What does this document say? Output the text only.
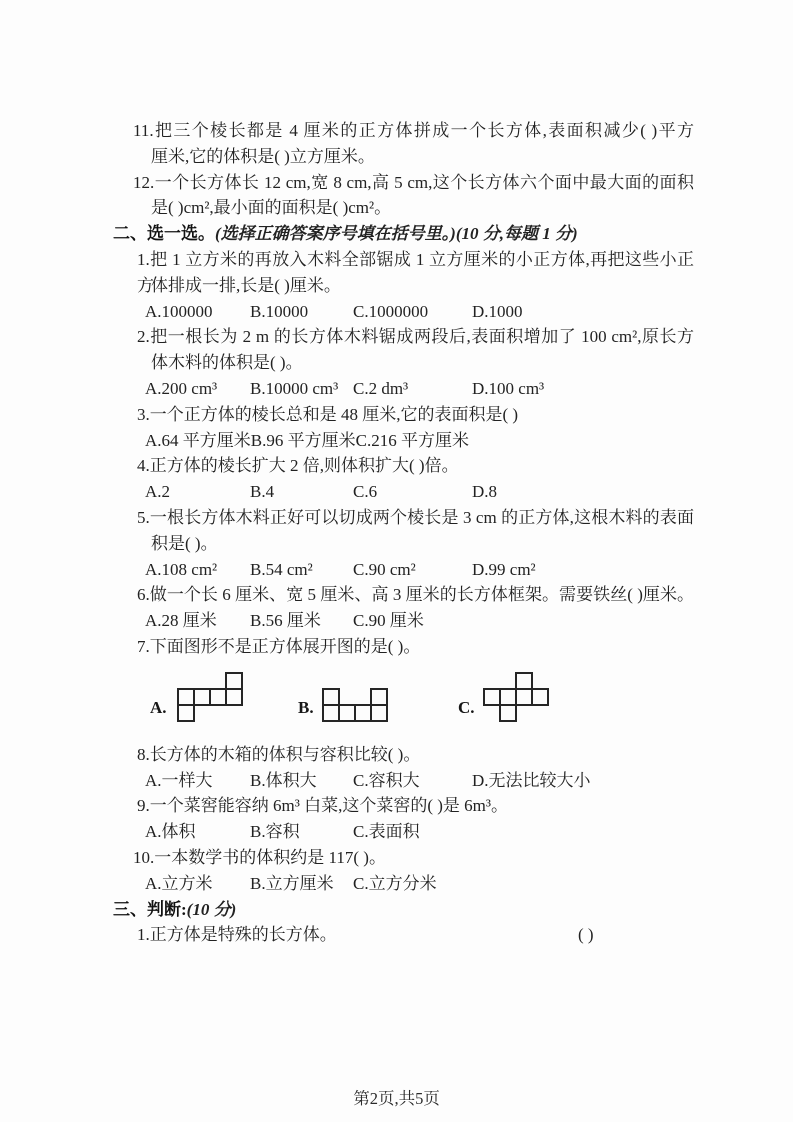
11.把三个棱长都是 4 厘米的正方体拼成一个长方体,表面积减少( )平方
厘米,它的体积是( )立方厘米。
12.一个长方体长 12 cm,宽 8 cm,高 5 cm,这个长方体六个面中最大面的面积
是( )cm²,最小面的面积是( )cm²。
二、选一选。(选择正确答案序号填在括号里。)(10 分,每题 1 分)
1.把 1 立方米的再放入木料全部锯成 1 立方厘米的小正方体,再把这些小正方
体排成一排,长是( )厘米。
A.100000	B.10000	C.1000000	D.1000
2.把一根长为 2 m 的长方体木料锯成两段后,表面积增加了 100 cm²,原长方
体木料的体积是( )。
A.200 cm³	B.10000 cm³ C.2 dm³	D.100 cm³
3.一个正方体的棱长总和是 48 厘米,它的表面积是( )
A.64 平方厘米 B.96 平方厘米 C.216 平方厘米
4.正方体的棱长扩大 2 倍,则体积扩大( )倍。
A.2	B.4	C.6	D.8
5.一根长方体木料正好可以切成两个棱长是 3 cm 的正方体,这根木料的表面
积是( )。
A.108 cm²	B.54 cm²	C.90 cm²	D.99 cm²
6.做一个长 6 厘米、宽 5 厘米、高 3 厘米的长方体框架。需要铁丝( )厘米。
A.28 厘米	B.56 厘米	C.90 厘米
7.下面图形不是正方体展开图的是( )。
A.	B.	C.
8.长方体的木箱的体积与容积比较( )。
A.一样大	B.体积大	C.容积大	D.无法比较大小
9.一个菜窖能容纳 6m³ 白菜,这个菜窖的( )是 6m³。
A.体积	B.容积	C.表面积
10.一本数学书的体积约是 117( )。
A.立方米	B.立方厘米	C.立方分米
三、判断:(10 分)
1.正方体是特殊的长方体。	( )
第2页,共5页
